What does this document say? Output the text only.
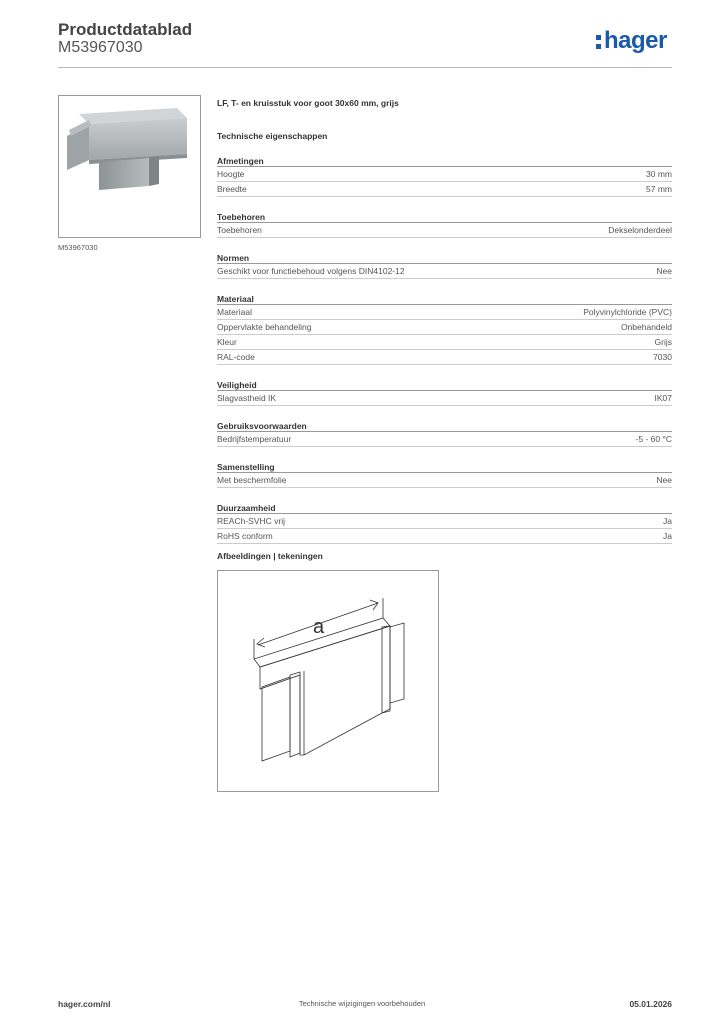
Productdatablad
M53967030	hager
M53967030
LF, T- en kruisstuk voor goot 30x60 mm, grijs
Technische eigenschappen
Afmetingen
Hoogte	30 mm
Breedte	57 mm
Toebehoren
Toebehoren	Dekselonderdeel
Normen
Geschikt voor functiebehoud volgens DIN4102-12	Nee
Materiaal
Materiaal	Polyvinylchloride (PVC)
Oppervlakte behandeling	Onbehandeld
Kleur	Grijs
RAL-code	7030
Veiligheid
Slagvastheid IK	IK07
Gebruiksvoorwaarden
Bedrijfstemperatuur	-5 - 60 °C
Samenstelling
Met beschermfolie	Nee
Duurzaamheid
REACh-SVHC vrij	Ja
RoHS conform	Ja
Afbeeldingen | tekeningen
a
hager.com/nl	Technische wijzigingen voorbehouden	05.01.2026
